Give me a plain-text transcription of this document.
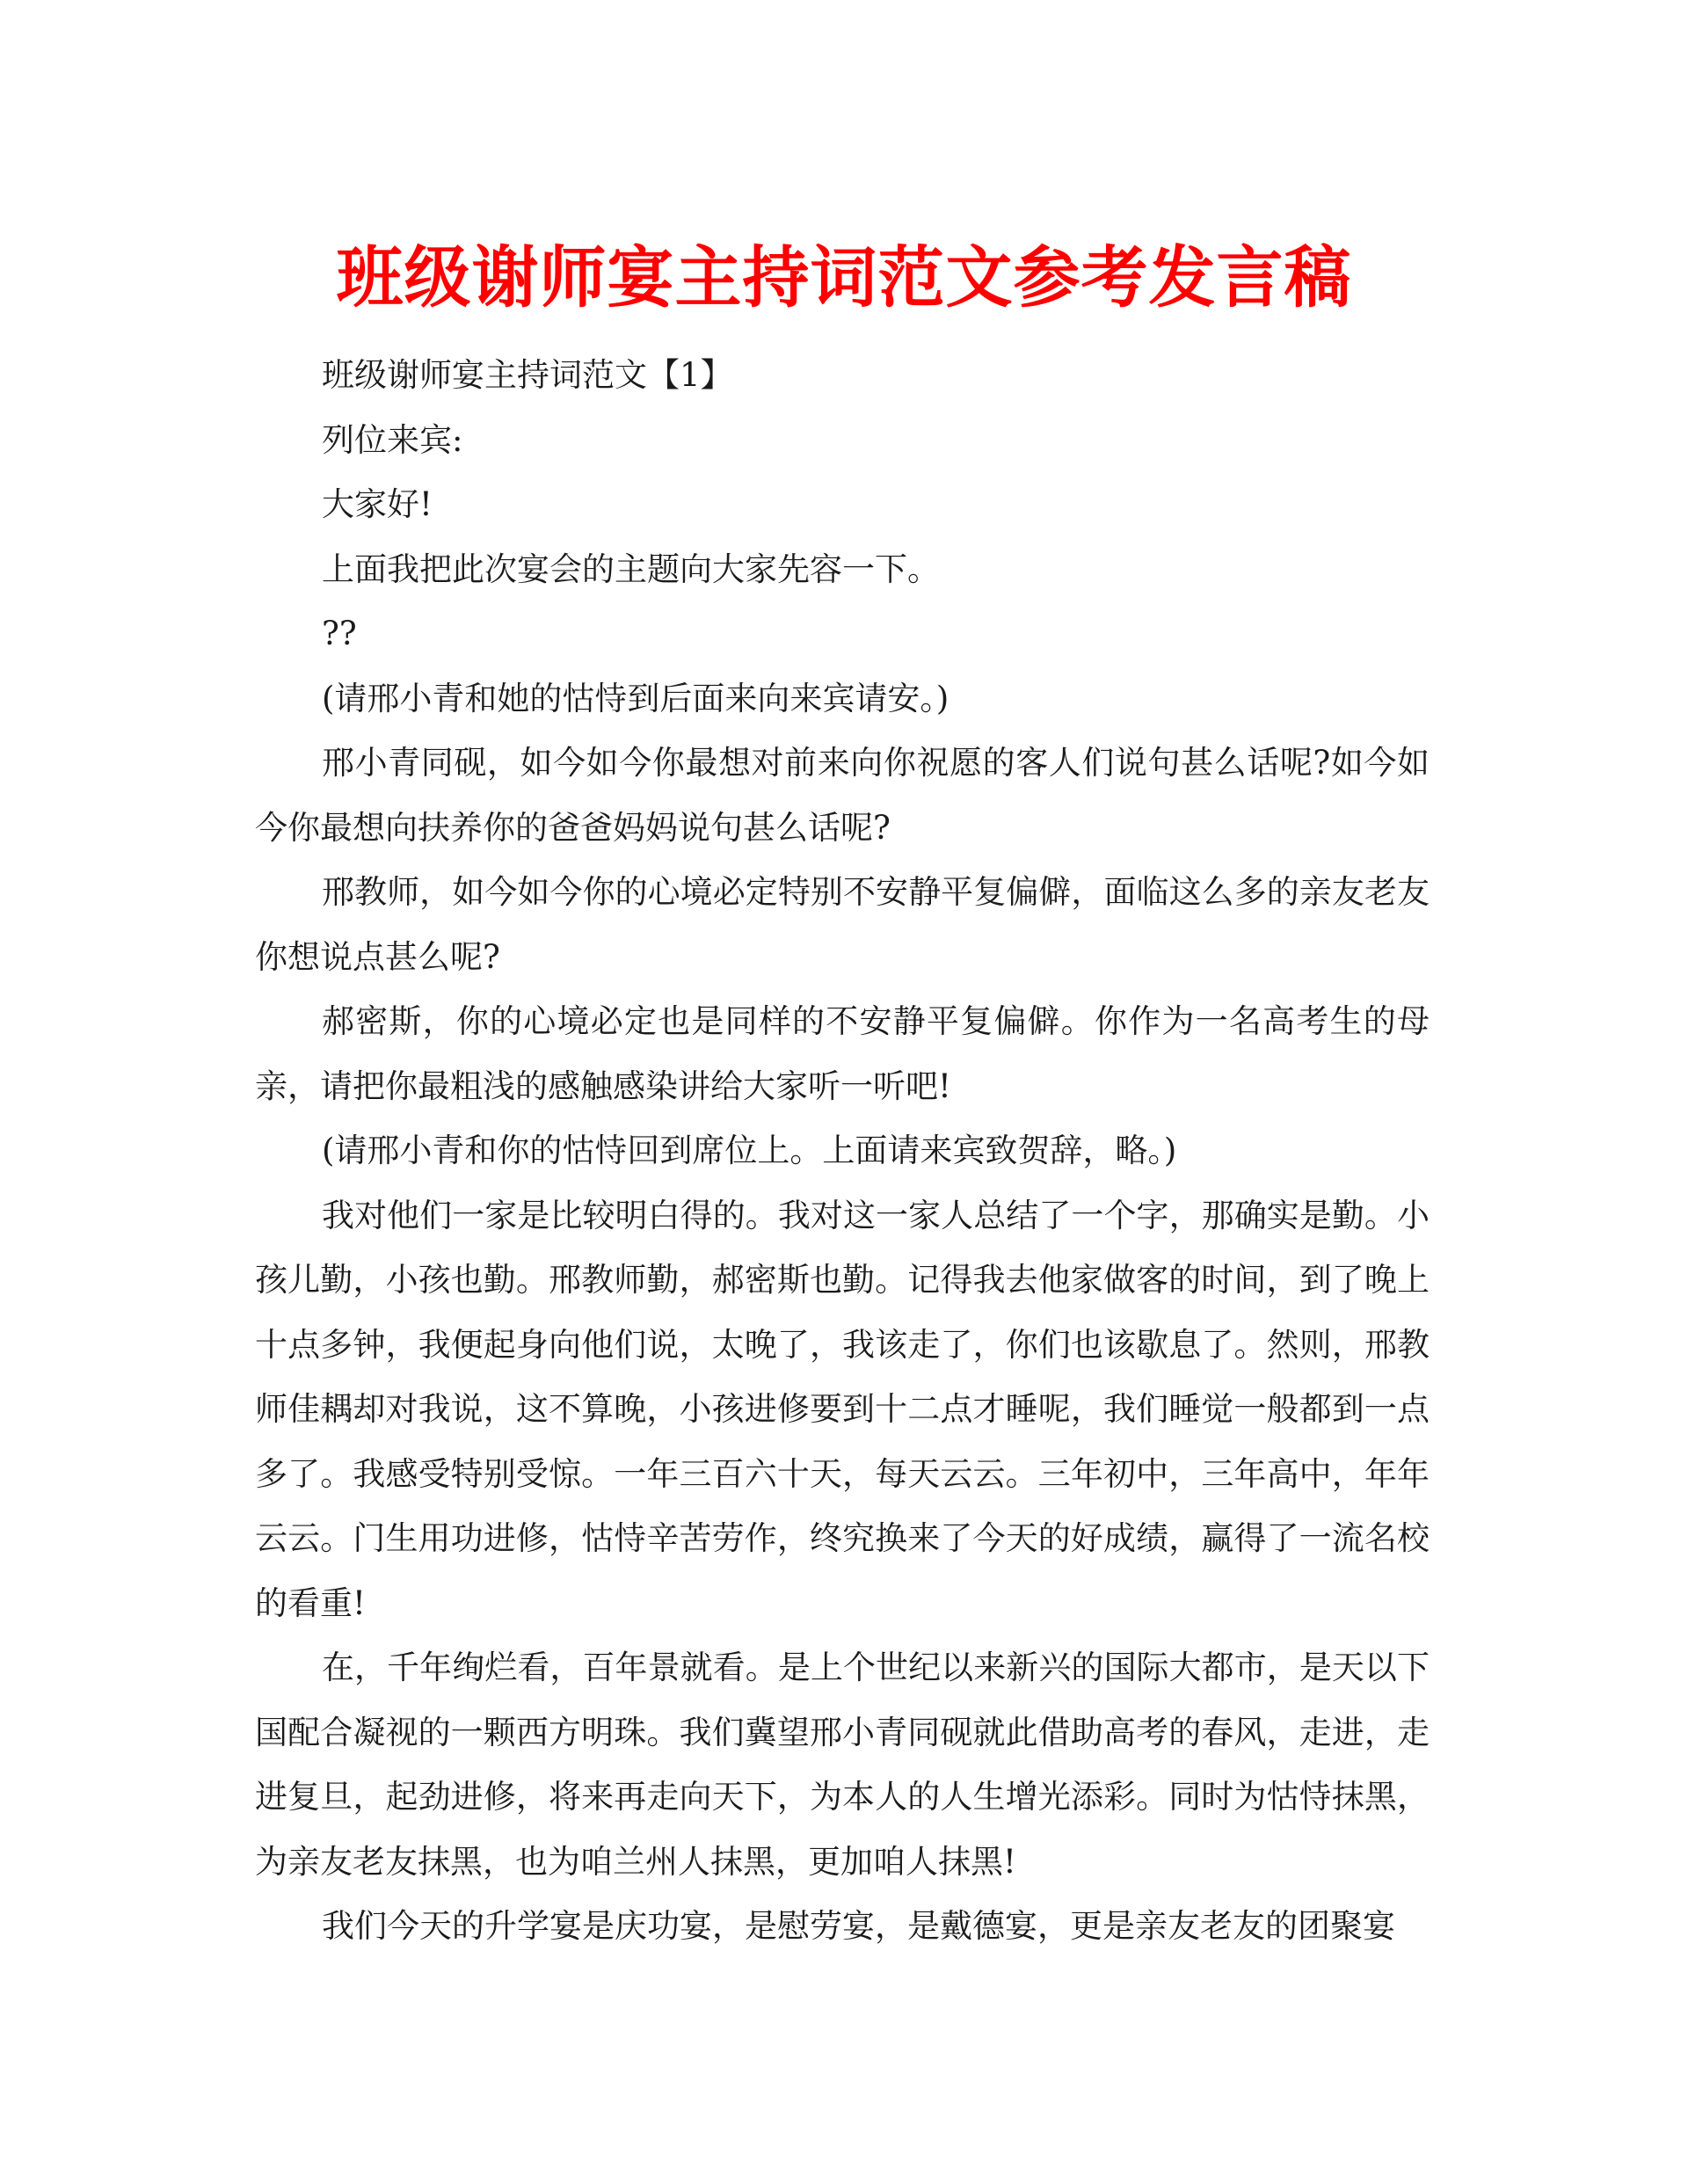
班级谢师宴主持词范文参考发言稿

班级谢师宴主持词范文【1】

列位来宾:

大家好!

上面我把此次宴会的主题向大家先容一下。

??

(请邢小青和她的怙恃到后面来向来宾请安。)

邢小青同砚，如今如今你最想对前来向你祝愿的客人们说句甚么话呢?如今如今你最想向扶养你的爸爸妈妈说句甚么话呢?

邢教师，如今如今你的心境必定特别不安静平复偏僻，面临这么多的亲友老友你想说点甚么呢?

郝密斯，你的心境必定也是同样的不安静平复偏僻。你作为一名高考生的母亲，请把你最粗浅的感触感染讲给大家听一听吧!

(请邢小青和你的怙恃回到席位上。上面请来宾致贺辞，略。)

我对他们一家是比较明白得的。我对这一家人总结了一个字，那确实是勤。小孩儿勤，小孩也勤。邢教师勤，郝密斯也勤。记得我去他家做客的时间，到了晚上十点多钟，我便起身向他们说，太晚了，我该走了，你们也该歇息了。然则，邢教师佳耦却对我说，这不算晚，小孩进修要到十二点才睡呢，我们睡觉一般都到一点多了。我感受特别受惊。一年三百六十天，每天云云。三年初中，三年高中，年年云云。门生用功进修，怙恃辛苦劳作，终究换来了今天的好成绩，赢得了一流名校的看重!

在，千年绚烂看，百年景就看。是上个世纪以来新兴的国际大都市，是天以下国配合凝视的一颗西方明珠。我们冀望邢小青同砚就此借助高考的春风，走进，走进复旦，起劲进修，将来再走向天下，为本人的人生增光添彩。同时为怙恃抹黑，为亲友老友抹黑，也为咱兰州人抹黑，更加咱人抹黑!

我们今天的升学宴是庆功宴，是慰劳宴，是戴德宴，更是亲友老友的团聚宴
